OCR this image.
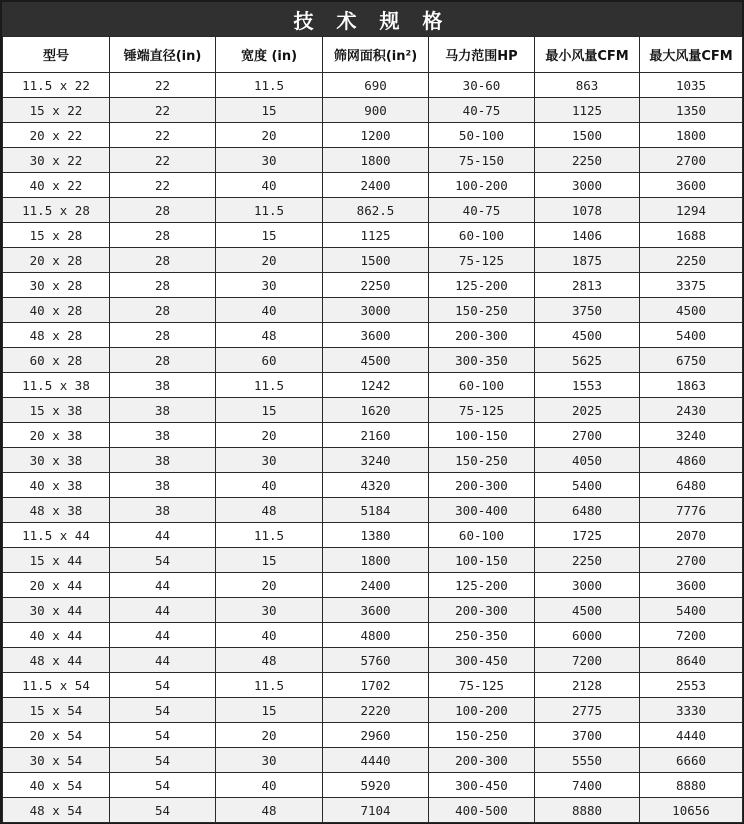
技 术 规 格
型号	锤端直径(in)	宽度 (in)	筛网面积(in²)	马力范围HP	最小风量CFM	最大风量CFM
11.5 x 22	22	11.5	690	30-60	863	1035
15 x 22	22	15	900	40-75	1125	1350
20 x 22	22	20	1200	50-100	1500	1800
30 x 22	22	30	1800	75-150	2250	2700
40 x 22	22	40	2400	100-200	3000	3600
11.5 x 28	28	11.5	862.5	40-75	1078	1294
15 x 28	28	15	1125	60-100	1406	1688
20 x 28	28	20	1500	75-125	1875	2250
30 x 28	28	30	2250	125-200	2813	3375
40 x 28	28	40	3000	150-250	3750	4500
48 x 28	28	48	3600	200-300	4500	5400
60 x 28	28	60	4500	300-350	5625	6750
11.5 x 38	38	11.5	1242	60-100	1553	1863
15 x 38	38	15	1620	75-125	2025	2430
20 x 38	38	20	2160	100-150	2700	3240
30 x 38	38	30	3240	150-250	4050	4860
40 x 38	38	40	4320	200-300	5400	6480
48 x 38	38	48	5184	300-400	6480	7776
11.5 x 44	44	11.5	1380	60-100	1725	2070
15 x 44	54	15	1800	100-150	2250	2700
20 x 44	44	20	2400	125-200	3000	3600
30 x 44	44	30	3600	200-300	4500	5400
40 x 44	44	40	4800	250-350	6000	7200
48 x 44	44	48	5760	300-450	7200	8640
11.5 x 54	54	11.5	1702	75-125	2128	2553
15 x 54	54	15	2220	100-200	2775	3330
20 x 54	54	20	2960	150-250	3700	4440
30 x 54	54	30	4440	200-300	5550	6660
40 x 54	54	40	5920	300-450	7400	8880
48 x 54	54	48	7104	400-500	8880	10656
